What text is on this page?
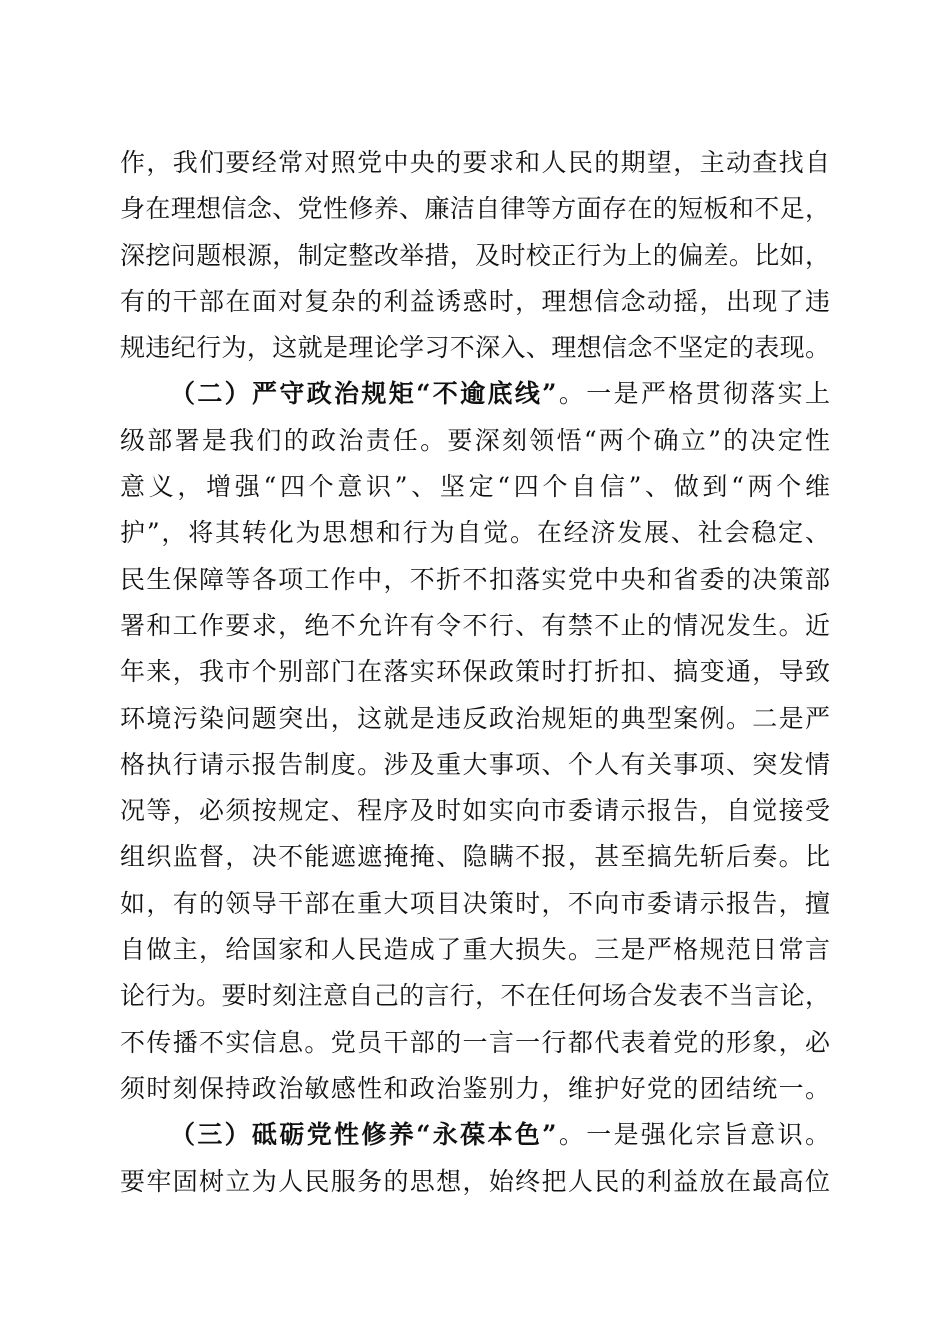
作，我们要经常对照党中央的要求和人民的期望，主动查找自
身在理想信念、党性修养、廉洁自律等方面存在的短板和不足，
深挖问题根源，制定整改举措，及时校正行为上的偏差。比如，
有的干部在面对复杂的利益诱惑时，理想信念动摇，出现了违
规违纪行为，这就是理论学习不深入、理想信念不坚定的表现。
（二）严守政治规矩“不逾底线”。一是严格贯彻落实上
级部署是我们的政治责任。要深刻领悟“两个确立”的决定性
意义，增强“四个意识”、坚定“四个自信”、做到“两个维
护”，将其转化为思想和行为自觉。在经济发展、社会稳定、
民生保障等各项工作中，不折不扣落实党中央和省委的决策部
署和工作要求，绝不允许有令不行、有禁不止的情况发生。近
年来，我市个别部门在落实环保政策时打折扣、搞变通，导致
环境污染问题突出，这就是违反政治规矩的典型案例。二是严
格执行请示报告制度。涉及重大事项、个人有关事项、突发情
况等，必须按规定、程序及时如实向市委请示报告，自觉接受
组织监督，决不能遮遮掩掩、隐瞒不报，甚至搞先斩后奏。比
如，有的领导干部在重大项目决策时，不向市委请示报告，擅
自做主，给国家和人民造成了重大损失。三是严格规范日常言
论行为。要时刻注意自己的言行，不在任何场合发表不当言论，
不传播不实信息。党员干部的一言一行都代表着党的形象，必
须时刻保持政治敏感性和政治鉴别力，维护好党的团结统一。
（三）砥砺党性修养“永葆本色”。一是强化宗旨意识。
要牢固树立为人民服务的思想，始终把人民的利益放在最高位
